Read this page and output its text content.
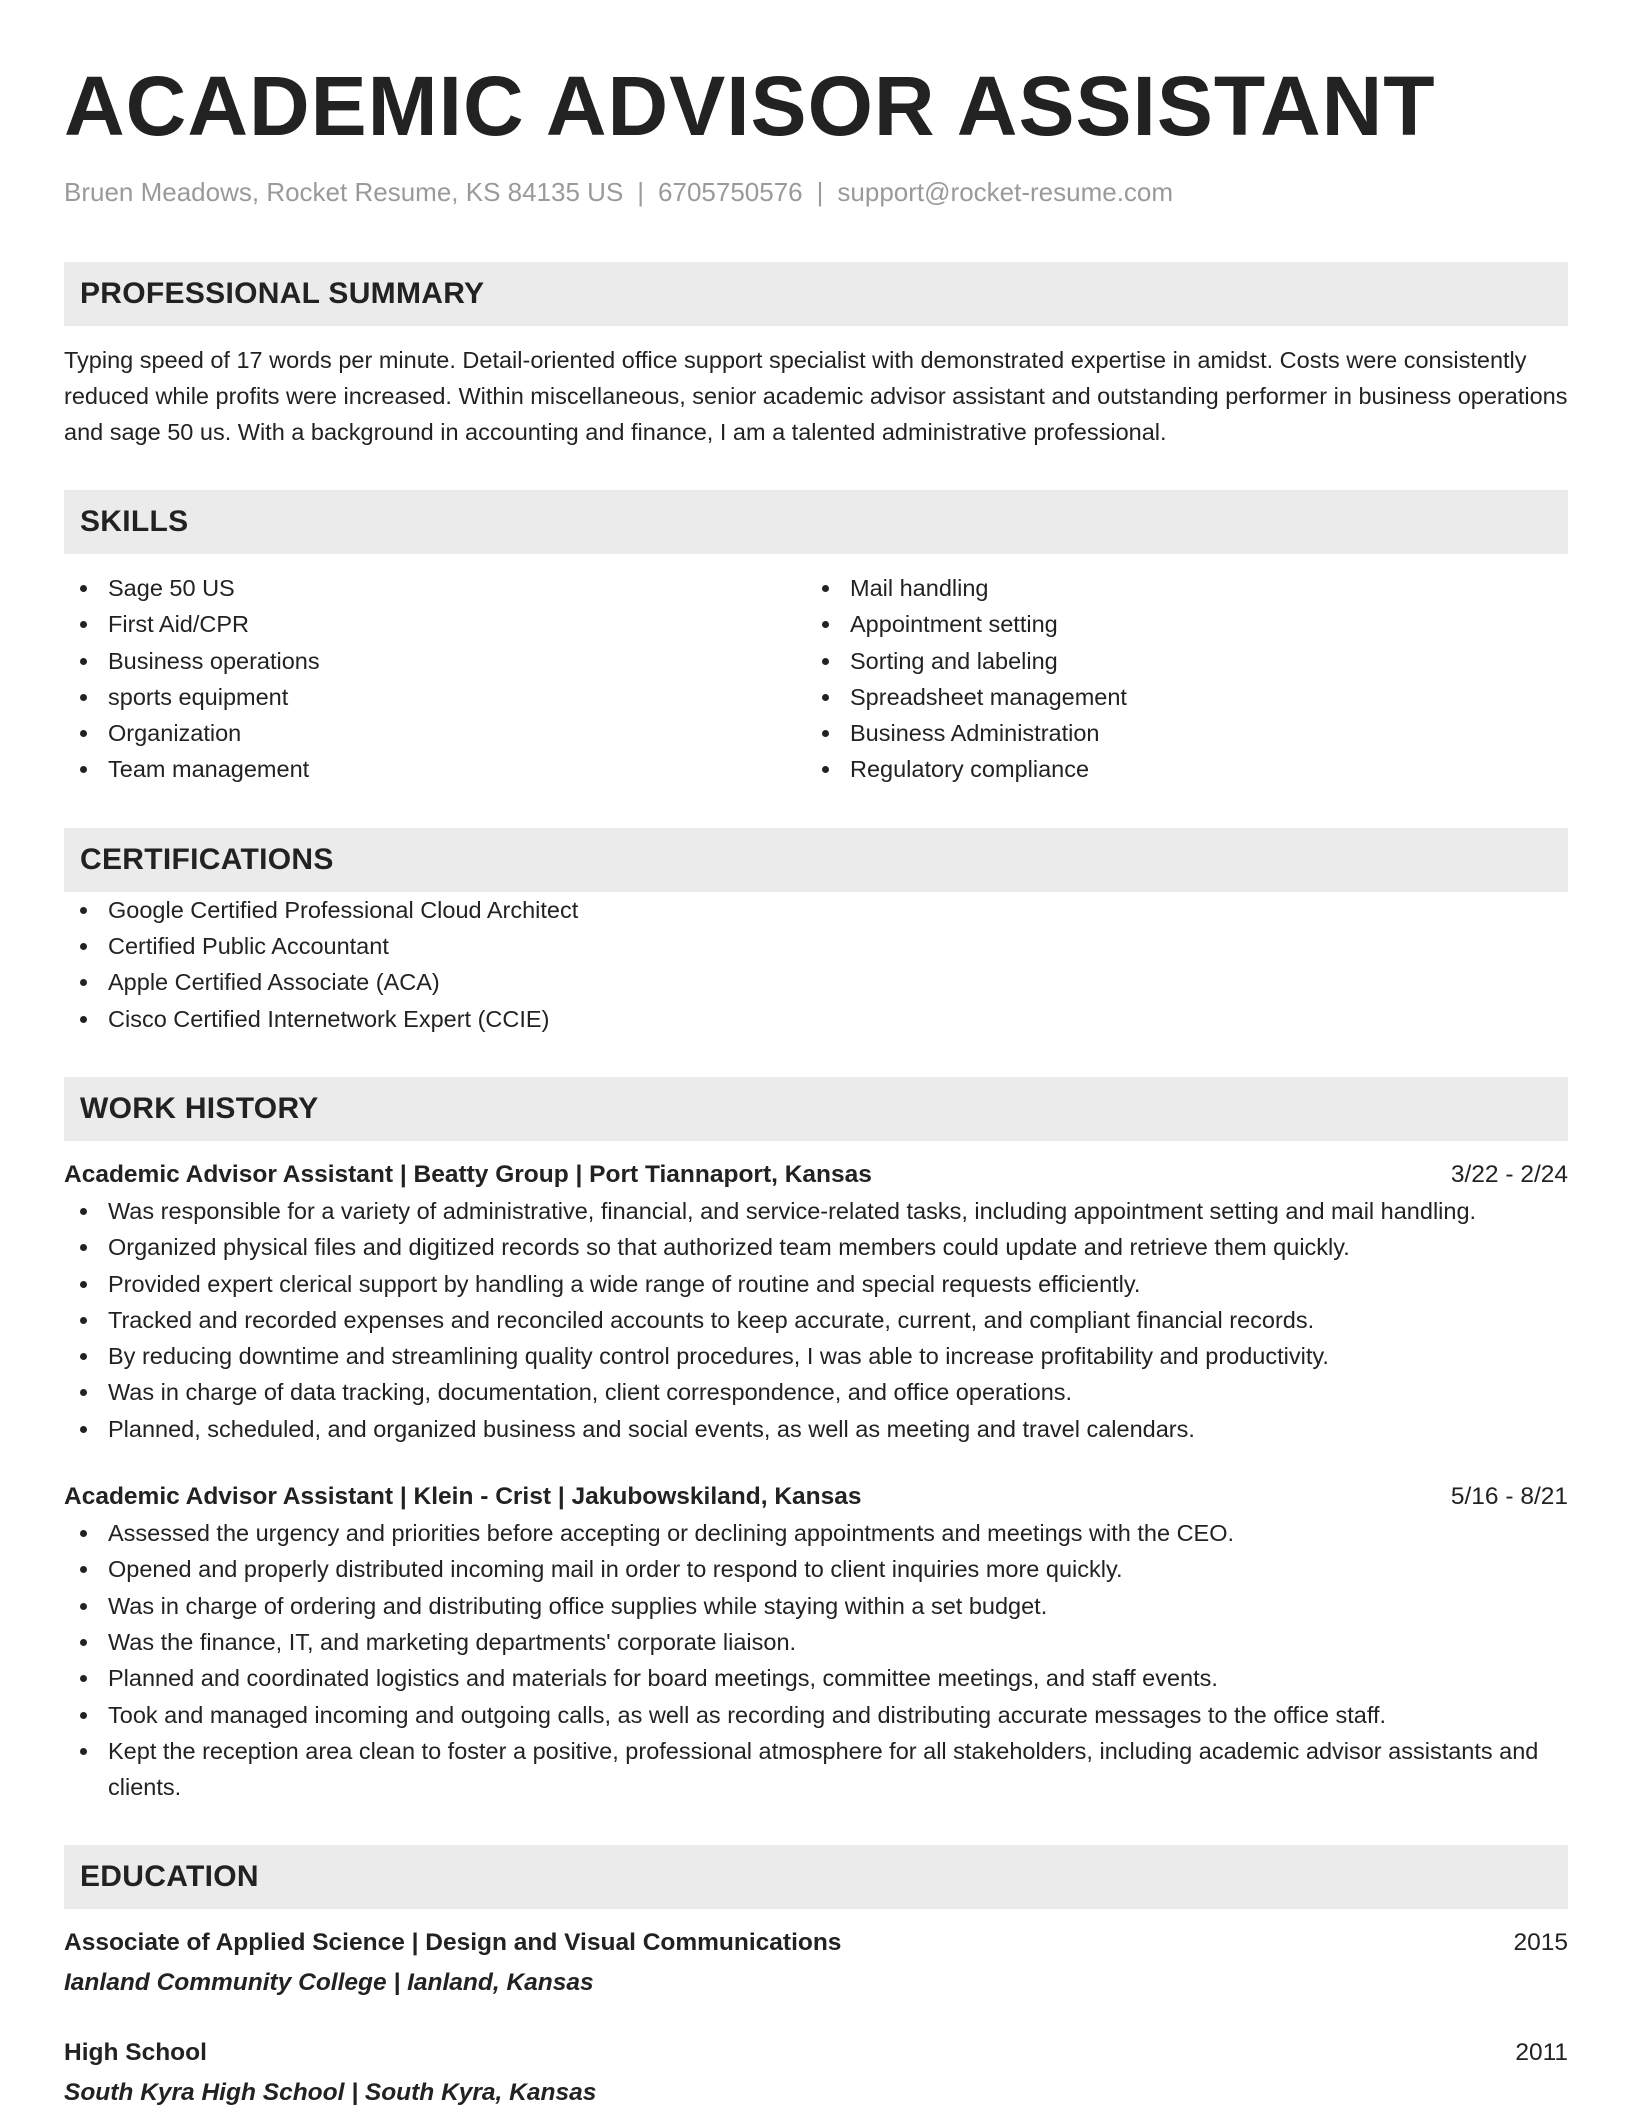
ACADEMIC ADVISOR ASSISTANT
Bruen Meadows, Rocket Resume, KS 84135 US | 6705750576 | support@rocket-resume.com
PROFESSIONAL SUMMARY
Typing speed of 17 words per minute. Detail-oriented office support specialist with demonstrated expertise in amidst. Costs were consistently reduced while profits were increased. Within miscellaneous, senior academic advisor assistant and outstanding performer in business operations and sage 50 us. With a background in accounting and finance, I am a talented administrative professional.
SKILLS
Sage 50 US
First Aid/CPR
Business operations
sports equipment
Organization
Team management
Mail handling
Appointment setting
Sorting and labeling
Spreadsheet management
Business Administration
Regulatory compliance
CERTIFICATIONS
Google Certified Professional Cloud Architect
Certified Public Accountant
Apple Certified Associate (ACA)
Cisco Certified Internetwork Expert (CCIE)
WORK HISTORY
Academic Advisor Assistant | Beatty Group | Port Tiannaport, Kansas	3/22 - 2/24
Was responsible for a variety of administrative, financial, and service-related tasks, including appointment setting and mail handling.
Organized physical files and digitized records so that authorized team members could update and retrieve them quickly.
Provided expert clerical support by handling a wide range of routine and special requests efficiently.
Tracked and recorded expenses and reconciled accounts to keep accurate, current, and compliant financial records.
By reducing downtime and streamlining quality control procedures, I was able to increase profitability and productivity.
Was in charge of data tracking, documentation, client correspondence, and office operations.
Planned, scheduled, and organized business and social events, as well as meeting and travel calendars.
Academic Advisor Assistant | Klein - Crist | Jakubowskiland, Kansas	5/16 - 8/21
Assessed the urgency and priorities before accepting or declining appointments and meetings with the CEO.
Opened and properly distributed incoming mail in order to respond to client inquiries more quickly.
Was in charge of ordering and distributing office supplies while staying within a set budget.
Was the finance, IT, and marketing departments' corporate liaison.
Planned and coordinated logistics and materials for board meetings, committee meetings, and staff events.
Took and managed incoming and outgoing calls, as well as recording and distributing accurate messages to the office staff.
Kept the reception area clean to foster a positive, professional atmosphere for all stakeholders, including academic advisor assistants and clients.
EDUCATION
Associate of Applied Science | Design and Visual Communications	2015
Ianland Community College | Ianland, Kansas
High School	2011
South Kyra High School | South Kyra, Kansas
